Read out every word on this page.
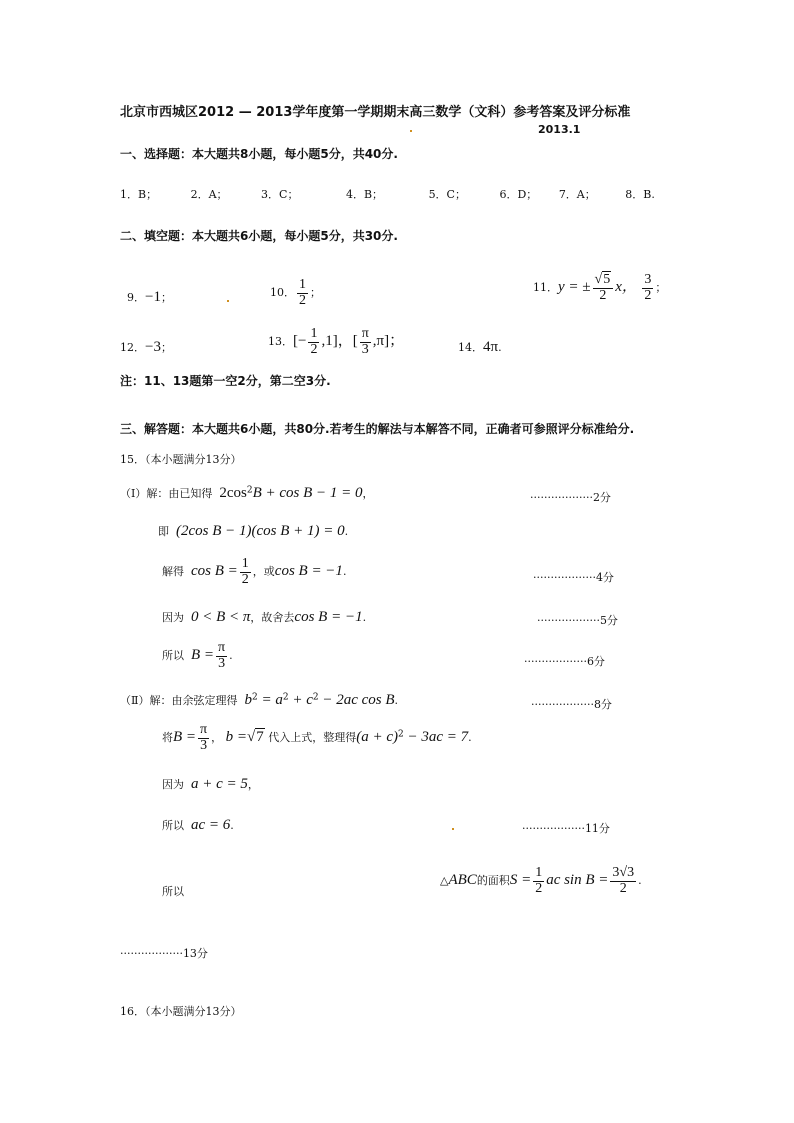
北京市西城区2012 — 2013学年度第一学期期末高三数学（文科）参考答案及评分标准
2013.1
一、选择题：本大题共8小题，每小题5分，共40分.
1．B；	2．A；	3．C；	4．B；	5．C；	6．D； 7．A；	8．B.
二、填空题：本大题共6小题，每小题5分，共30分.
9．−1；	10． $\frac{1}{2}$ ；	11．y = ± $\frac{√5}{2}$ x， $\frac{3}{2}$ ；
12．−3；	13．[− $\frac{1}{2} ,1$]，[ $\frac{\pi}{3} ,\pi$]；	14．4π.
注：11、13题第一空2分，第二空3分.
三、解答题：本大题共6小题，共80分.若考生的解法与本解答不同，正确者可参照评分标准给分.
15．（本小题满分13分）
（Ⅰ）解：由已知得 $2\cos^2B + \cos B - 1 = 0$，	··················2分
即 (2cos B − 1)(cos B + 1) = 0.
解得 $\cos B = \frac{1}{2}$ ，或cos B = −1.	··················4分
因为 0 < B < π，故舍去cos B = −1.	··················5分
所以 $B = \frac{\pi}{3}$ .	··················6分
（Ⅱ）解：由余弦定理得 $b^2 = a^2 + c^2 - 2ac$ cos B.	··················8分
将$B = \frac{\pi}{3}$ ， b =√7 代入上式，整理得$(a + c)^2 - 3ac = 7$.
因为 a + c = 5，
所以 ac = 6.	··················11分
所以
△ABC的面积$S = \frac{1}{2}$ ac $\sin B = \frac{3√3}{2}$ .
··················13分
16．（本小题满分13分）
